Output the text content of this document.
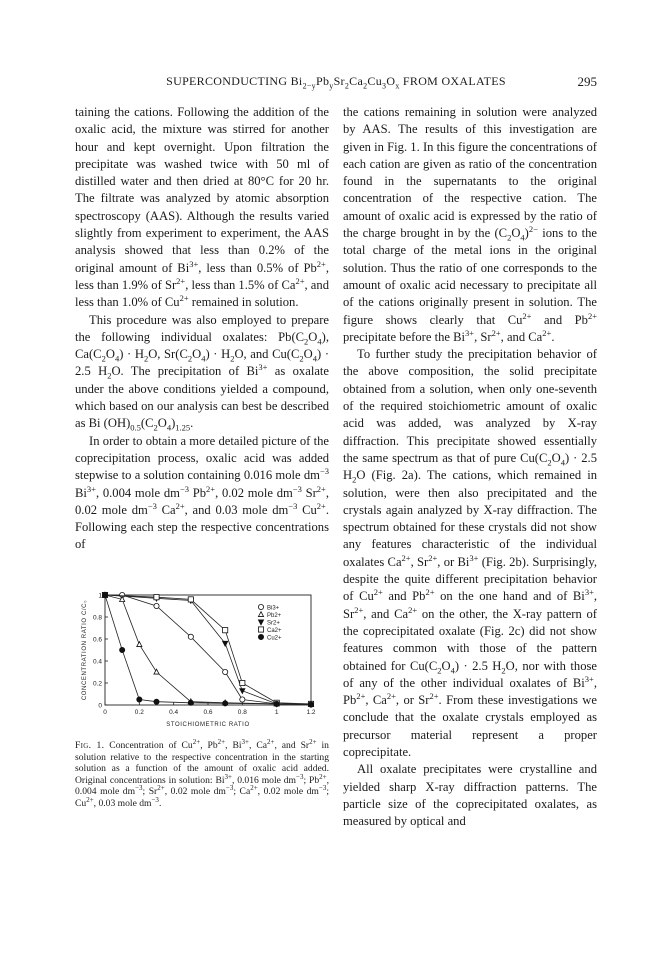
SUPERCONDUCTING $Bi_{2-y}Pb_ySr_2Ca_2Cu_3O_x$ FROM OXALATES	295

taining the cations. Following the addition of the oxalic acid, the mixture was stirred for another hour and kept overnight. Upon filtration the precipitate was washed twice with 50 ml of distilled water and then dried at 80°C for 20 hr. The filtrate was analyzed by atomic absorption spectroscopy (AAS). Although the results varied slightly from experiment to experiment, the AAS analysis showed that less than 0.2% of the original amount of $Bi^{3+}$, less than 0.5% of $Pb^{2+}$, less than 1.9% of $Sr^{2+}$, less than 1.5% of $Ca^{2+}$, and less than 1.0% of $Cu^{2+}$ remained in solution.

This procedure was also employed to prepare the following individual oxalates: $Pb(C_2O_4)$, $Ca(C_2O_4) \cdot H_2O$, $Sr(C_2O_4) \cdot H_2O$, and $Cu(C_2O_4) \cdot 2.5$ $H_2O$. The precipitation of $Bi^{3+}$ as oxalate under the above conditions yielded a compound, which based on our analysis can best be described as Bi $(OH)_{0.5}(C_2O_4)_{1.25}$.

In order to obtain a more detailed picture of the coprecipitation process, oxalic acid was added stepwise to a solution containing 0.016 mole $dm^{-3}$ $Bi^{3+}$, 0.004 mole $dm^{-3}$ $Pb^{2+}$, 0.02 mole $dm^{-3}$ $Sr^{2+}$, 0.02 mole $dm^{-3}$ $Ca^{2+}$, and 0.03 mole $dm^{-3}$ $Cu^{2+}$. Following each step the respective concentrations of

0	0.2	0.4	0.6	0.8	1	1.2
0
0.2
0.4
0.6
0.8
1
STOICHIOMETRIC RATIO
CONCENTRATION RATIO C/C₀	Bi3+
Pb2+
Sr2+
Ca2+
Cu2+
Fig. 1. Concentration of $Cu^{2+}$, $Pb^{2+}$, $Bi^{3+}$, $Ca^{2+}$, and $Sr^{2+}$ in solution relative to the respective concentration in the starting solution as a function of the amount of oxalic acid added. Original concentrations in solution: $Bi^{3+}$, 0.016 mole $dm^{-3}$; $Pb^{2+}$, 0.004 mole $dm^{-3}$; $Sr^{2+}$, 0.02 mole $dm^{-3}$; $Ca^{2+}$, 0.02 mole $dm^{-3}$; $Cu^{2+}$, 0.03 mole $dm^{-3}$.

the cations remaining in solution were analyzed by AAS. The results of this investigation are given in Fig. 1. In this figure the concentrations of each cation are given as ratio of the concentration found in the supernatants to the original concentration of the respective cation. The amount of oxalic acid is expressed by the ratio of the charge brought in by the $(C_2O_4)^{2-}$ ions to the total charge of the metal ions in the original solution. Thus the ratio of one corresponds to the amount of oxalic acid necessary to precipitate all of the cations originally present in solution. The figure shows clearly that $Cu^{2+}$ and $Pb^{2+}$ precipitate before the $Bi^{3+}$, $Sr^{2+}$, and $Ca^{2+}$.

To further study the precipitation behavior of the above composition, the solid precipitate obtained from a solution, when only one-seventh of the required stoichiometric amount of oxalic acid was added, was analyzed by X-ray diffraction. This precipitate showed essentially the same spectrum as that of pure $Cu(C_2O_4) \cdot 2.5$ $H_2O$ (Fig. 2a). The cations, which remained in solution, were then also precipitated and the crystals again analyzed by X-ray diffraction. The spectrum obtained for these crystals did not show any features characteristic of the individual oxalates $Ca^{2+}$, $Sr^{2+}$, or $Bi^{3+}$ (Fig. 2b). Surprisingly, despite the quite different precipitation behavior of $Cu^{2+}$ and $Pb^{2+}$ on the one hand and of $Bi^{3+}$, $Sr^{2+}$, and $Ca^{2+}$ on the other, the X-ray pattern of the coprecipitated oxalate (Fig. 2c) did not show features common with those of the pattern obtained for $Cu(C_2O_4) \cdot 2.5$ $H_2O$, nor with those of any of the other individual oxalates of $Bi^{3+}$, $Pb^{2+}$, $Ca^{2+}$, or $Sr^{2+}$. From these investigations we conclude that the oxalate crystals employed as precursor material represent a proper coprecipitate.

All oxalate precipitates were crystalline and yielded sharp X-ray diffraction patterns. The particle size of the coprecipitated oxalates, as measured by optical and
